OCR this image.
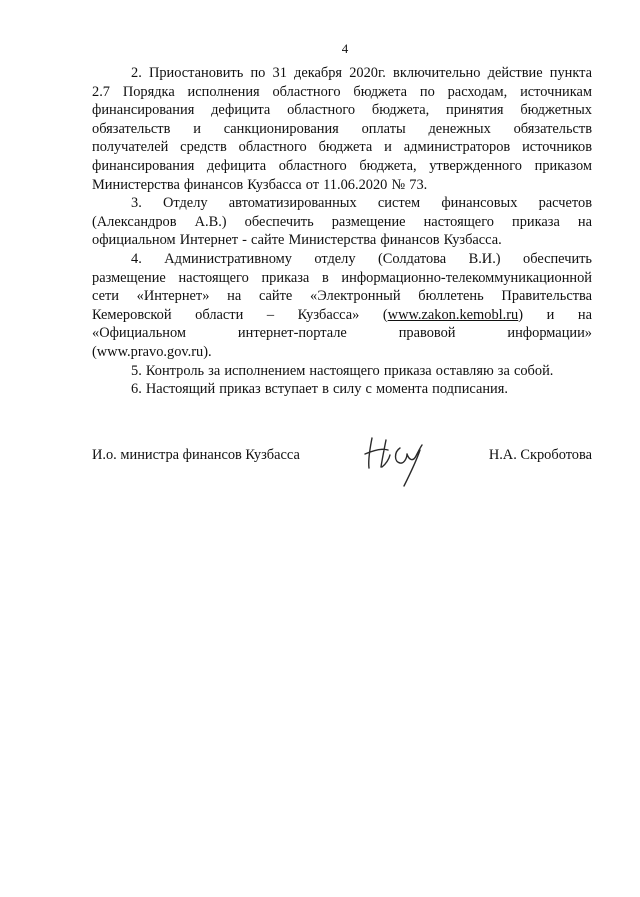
4

2. Приостановить по 31 декабря 2020г. включительно действие пункта

2.7 Порядка исполнения областного бюджета по расходам, источникам

финансирования дефицита областного бюджета, принятия бюджетных

обязательств и санкционирования оплаты денежных обязательств

получателей средств областного бюджета и администраторов источников

финансирования дефицита областного бюджета, утвержденного приказом

Министерства финансов Кузбасса от 11.06.2020 № 73.

3. Отделу автоматизированных систем финансовых расчетов

(Александров А.В.) обеспечить размещение настоящего приказа на

официальном Интернет - сайте Министерства финансов Кузбасса.

4. Административному отделу (Солдатова В.И.) обеспечить

размещение настоящего приказа в информационно-телекоммуникационной

сети «Интернет» на сайте «Электронный бюллетень Правительства

Кемеровской области – Кузбасса» (www.zakon.kemobl.ru) и на

«Официальном интернет-портале правовой информации»

(www.pravo.gov.ru).

5. Контроль за исполнением настоящего приказа оставляю за собой.

6. Настоящий приказ вступает в силу с момента подписания.

И.о. министра финансов Кузбасса	Н.А. Скроботова
